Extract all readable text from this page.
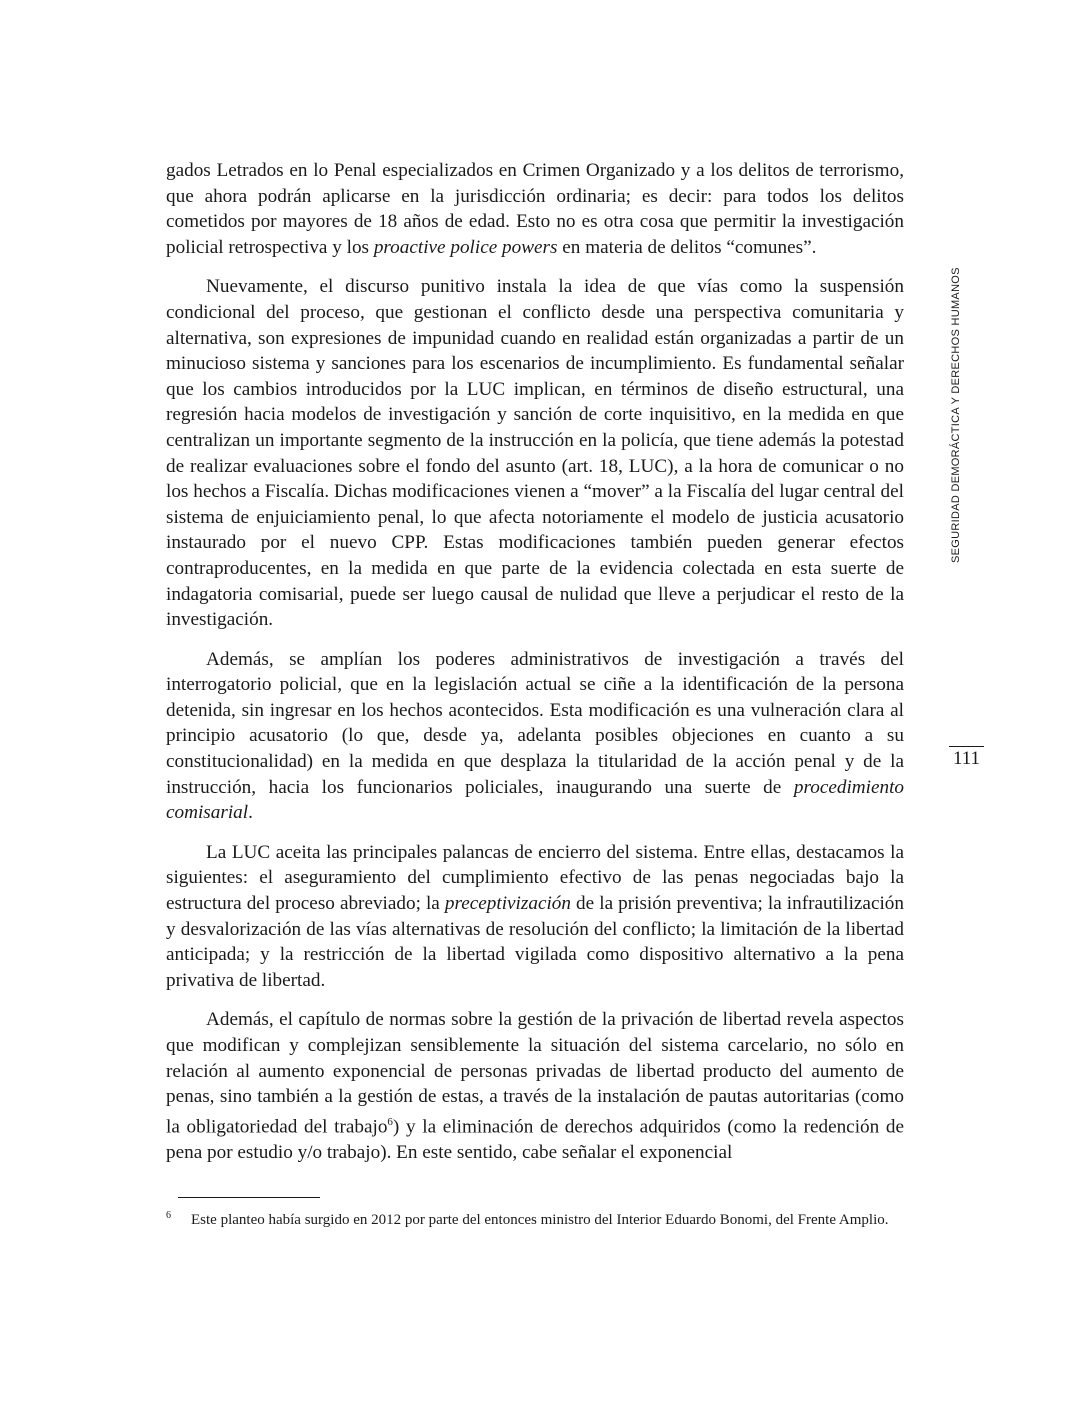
gados Letrados en lo Penal especializados en Crimen Organizado y a los delitos de terrorismo, que ahora podrán aplicarse en la jurisdicción ordinaria; es decir: para todos los delitos cometidos por mayores de 18 años de edad. Esto no es otra cosa que permitir la investigación policial retrospectiva y los proactive police powers en materia de delitos “comunes”.

Nuevamente, el discurso punitivo instala la idea de que vías como la suspensión condicional del proceso, que gestionan el conflicto desde una perspectiva comunitaria y alternativa, son expresiones de impunidad cuando en realidad están organizadas a partir de un minucioso sistema y sanciones para los escenarios de incumplimiento. Es fundamental señalar que los cambios introducidos por la LUC implican, en términos de diseño estructural, una regresión hacia modelos de investigación y sanción de corte inquisitivo, en la medida en que centralizan un importante segmento de la instrucción en la policía, que tiene además la potestad de realizar evaluaciones sobre el fondo del asunto (art. 18, LUC), a la hora de comunicar o no los hechos a Fiscalía. Dichas modificaciones vienen a “mover” a la Fiscalía del lugar central del sistema de enjuiciamiento penal, lo que afecta notoriamente el modelo de justicia acusatorio instaurado por el nuevo CPP. Estas modificaciones también pueden generar efectos contraproducentes, en la medida en que parte de la evidencia colectada en esta suerte de indagatoria comisarial, puede ser luego causal de nulidad que lleve a perjudicar el resto de la investigación.

Además, se amplían los poderes administrativos de investigación a través del interrogatorio policial, que en la legislación actual se ciñe a la identificación de la persona detenida, sin ingresar en los hechos acontecidos. Esta modificación es una vulneración clara al principio acusatorio (lo que, desde ya, adelanta posibles objeciones en cuanto a su constitucionalidad) en la medida en que desplaza la titularidad de la acción penal y de la instrucción, hacia los funcionarios policiales, inaugurando una suerte de procedimiento comisarial.

La LUC aceita las principales palancas de encierro del sistema. Entre ellas, destacamos la siguientes: el aseguramiento del cumplimiento efectivo de las penas negociadas bajo la estructura del proceso abreviado; la preceptivización de la prisión preventiva; la infrautilización y desvalorización de las vías alternativas de resolución del conflicto; la limitación de la libertad anticipada; y la restricción de la libertad vigilada como dispositivo alternativo a la pena privativa de libertad.

Además, el capítulo de normas sobre la gestión de la privación de libertad revela aspectos que modifican y complejizan sensiblemente la situación del sistema carcelario, no sólo en relación al aumento exponencial de personas privadas de libertad producto del aumento de penas, sino también a la gestión de estas, a través de la instalación de pautas autoritarias (como la obligatoriedad del trabajo$^6$) y la eliminación de derechos adquiridos (como la redención de pena por estudio y/o trabajo). En este sentido, cabe señalar el exponencial

SEGURIDAD DEMORÁCTICA Y DERECHOS HUMANOS
111
$^6$ Este planteo había surgido en 2012 por parte del entonces ministro del Interior Eduardo Bonomi, del Frente Amplio.
